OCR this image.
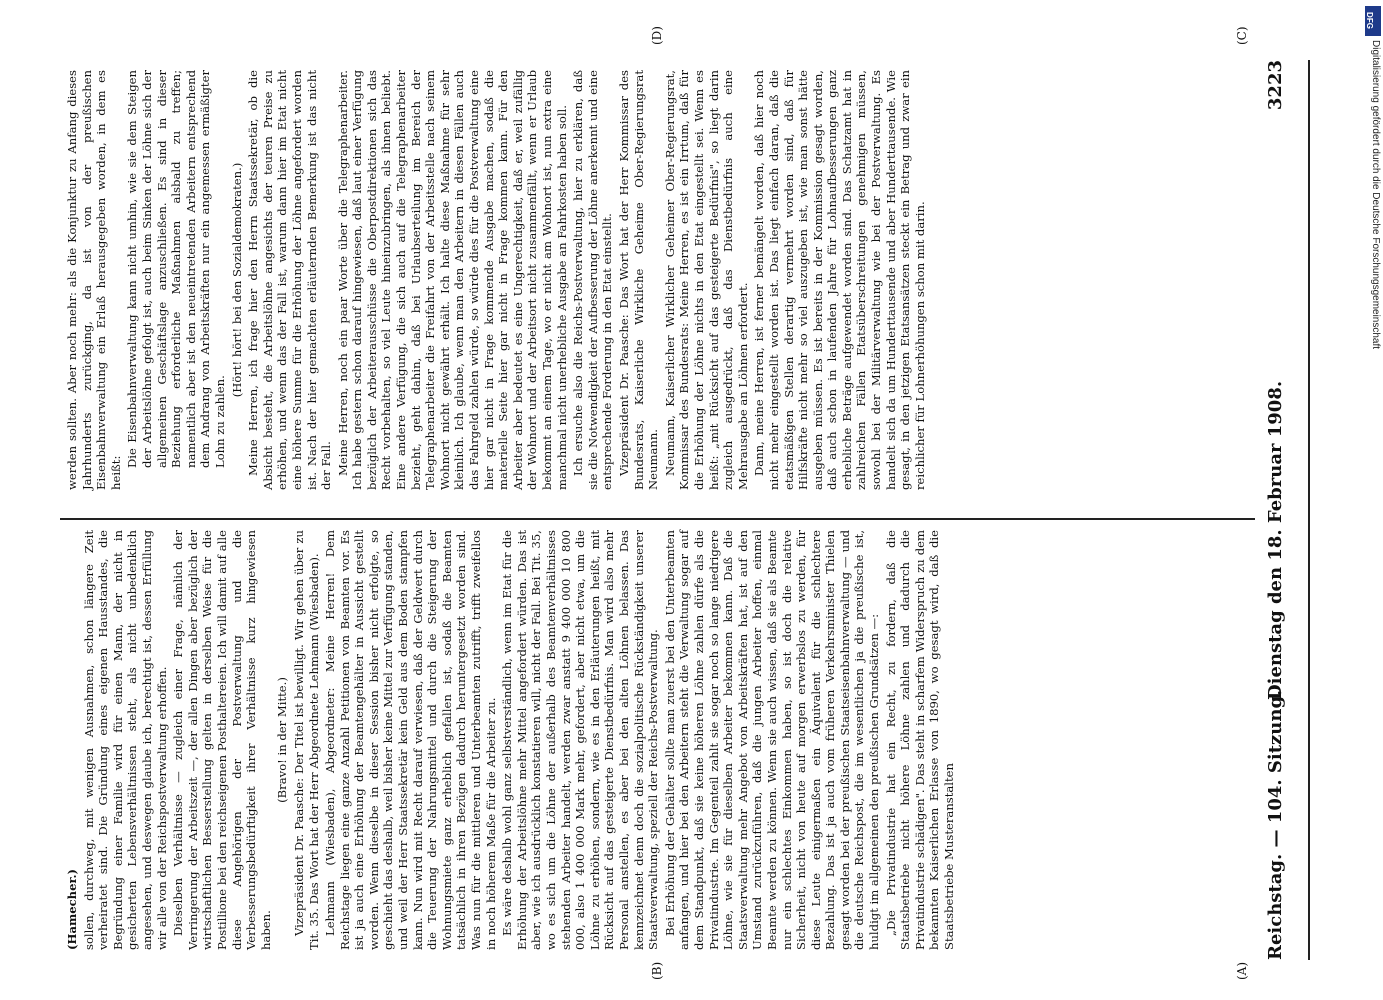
Reichstag. — 104. Sitzung.
Dienstag den 18. Februar 1908.
3223
(A)
(B)
(C)
(D)

(Hamecher.) sollen, durchweg, mit wenigen Ausnahmen, schon längere Zeit verheiratet sind. Die Gründung eines eigenen Hausstandes, die Begründung einer Familie wird für einen Mann, der nicht in gesicherten Lebensverhältnissen steht, als nicht unbedenklich angesehen, und deswegen glaube ich, berechtigt ist, dessen Erfüllung wir alle von der Reichspostverwaltung erhoffen. Dieselben Verhältnisse — zugleich einer Frage, nämlich der Verringerung der Arbeitszeit —, der allen Dingen aber bezüglich der wirtschaftlichen Besserstellung gelten in derselben Weise für die Postillione bei den reichseigenen Posthaltereien. Ich will damit auf alle diese Angehörigen der Postverwaltung und die Verbesserungsbedürftigkeit ihrer Verhältnisse kurz hingewiesen haben.

(Bravo! in der Mitte.) Vizepräsident Dr. Paasche: Der Titel ist bewilligt. Wir gehen über zu Tit. 35. Das Wort hat der Herr Abgeordnete Lehmann (Wiesbaden). Lehmann (Wiesbaden), Abgeordneter: Meine Herren! Dem Reichstage liegen eine ganze Anzahl Petitionen von Beamten vor. Es ist ja auch eine Erhöhung der Beamtengehälter in Aussicht gestellt worden. Wenn dieselbe in dieser Session bisher nicht erfolgte, so geschieht das deshalb, weil bisher keine Mittel zur Verfügung standen, und weil der Herr Staatssekretär kein Geld aus dem Boden stampfen kann. Nun wird mit Recht darauf verwiesen, daß der Geldwert durch die Teuerung der Nahrungsmittel und durch die Steigerung der Wohnungsmiete ganz erheblich gefallen ist, sodaß die Beamten tatsächlich in ihren Bezügen dadurch heruntergesetzt worden sind. Was nun für die mittleren und Unterbeamten zutrifft, trifft zweifellos in noch höherem Maße für die Arbeiter zu. Es wäre deshalb wohl ganz selbstverständlich, wenn im Etat für die Erhöhung der Arbeitslöhne mehr Mittel angefordert würden. Das ist aber, wie ich ausdrücklich konstatieren will, nicht der Fall. Bei Tit. 35, wo es sich um die Löhne der außerhalb des Beamtenverhältnisses stehenden Arbeiter handelt, werden zwar anstatt 9 400 000 10 800 000, also 1 400 000 Mark mehr, gefordert, aber nicht etwa, um die Löhne zu erhöhen, sondern, wie es in den Erläuterungen heißt, mit Rücksicht auf das gesteigerte Dienstbedürfnis. Man wird also mehr Personal anstellen, es aber bei den alten Löhnen belassen. Das kennzeichnet denn doch die sozialpolitische Rückständigkeit unserer Staatsverwaltung, speziell der Reichs-Postverwaltung. Bei Erhöhung der Gehälter sollte man zuerst bei den Unterbeamten anfangen, und hier bei den Arbeitern steht die Verwaltung sogar auf dem Standpunkt, daß sie keine höheren Löhne zahlen dürfe als die Privatindustrie. Im Gegenteil zahlt sie sogar noch so lange niedrigere Löhne, wie sie für dieselben Arbeiter bekommen kann. Daß die Staatsverwaltung mehr Angebot von Arbeitskräften hat, ist auf den Umstand zurückzuführen, daß die jungen Arbeiter hoffen, einmal Beamte werden zu können. Wenn sie auch wissen, daß sie als Beamte nur ein schlechtes Einkommen haben, so ist doch die relative Sicherheit, nicht von heute auf morgen erwerbslos zu werden, für diese Leute einigermaßen ein Äquivalent für die schlechtere Bezahlung. Das ist ja auch vom früheren Verkehrsminister Thielen gesagt worden bei der preußischen Staatseisenbahnverwaltung — und die deutsche Reichspost, die im wesentlichen ja die preußische ist, huldigt im allgemeinen den preußischen Grundsätzen —: „Die Privatindustrie hat ein Recht, zu fordern, daß die Staatsbetriebe nicht höhere Löhne zahlen und dadurch die Privatindustrie schädigen". Das steht in scharfem Widerspruch zu dem bekannten Kaiserlichen Erlasse von 1890, wo gesagt wird, daß die Staatsbetriebe Musteranstalten

werden sollten. Aber noch mehr: als die Konjunktur zu Anfang dieses Jahrhunderts zurückging, da ist von der preußischen Eisenbahnverwaltung ein Erlaß herausgegeben worden, in dem es heißt:

Die Eisenbahnverwaltung kann nicht umhin, wie sie dem Steigen der Arbeitslöhne gefolgt ist, auch beim Sinken der Löhne sich der allgemeinen Geschäftslage anzuschließen. Es sind in dieser Beziehung erforderliche Maßnahmen alsbald zu treffen; namentlich aber ist den neueintretenden Arbeitern entsprechend dem Andrang von Arbeitskräften nur ein angemessen ermäßigter Lohn zu zahlen.

(Hört! hört! bei den Sozialdemokraten.) Meine Herren, ich frage hier den Herrn Staatssekretär, ob die Absicht besteht, die Arbeitslöhne angesichts der teuren Preise zu erhöhen, und wenn das der Fall ist, warum dann hier im Etat nicht eine höhere Summe für die Erhöhung der Löhne angefordert worden ist. Nach der hier gemachten erläuternden Bemerkung ist das nicht der Fall. Meine Herren, noch ein paar Worte über die Telegraphenarbeiter. Ich habe gestern schon darauf hingewiesen, daß laut einer Verfügung bezüglich der Arbeiterausschüsse die Oberpostdirektionen sich das Recht vorbehalten, so viel Leute hineinzubringen, als ihnen beliebt. Eine andere Verfügung, die sich auch auf die Telegraphenarbeiter bezieht, geht dahin, daß bei Urlaubserteilung im Bereich der Telegraphenarbeiter die Freifahrt von der Arbeitsstelle nach seinem Wohnort nicht gewährt erhält. Ich halte diese Maßnahme für sehr kleinlich. Ich glaube, wenn man den Arbeitern in diesen Fällen auch das Fahrgeld zahlen würde, so würde dies für die Postverwaltung eine hier gar nicht in Frage kommende Ausgabe machen, sodaß die materielle Seite hier gar nicht in Frage kommen kann. Für den Arbeiter aber bedeutet es eine Ungerechtigkeit, daß er, weil zufällig der Wohnort und der Arbeitsort nicht zusammenfällt, wenn er Urlaub bekommt an einem Tage, wo er nicht am Wohnort ist, nun extra eine manchmal nicht unerhebliche Ausgabe an Fahrkosten haben soll. Ich ersuche also die Reichs-Postverwaltung, hier zu erklären, daß sie die Notwendigkeit der Aufbesserung der Löhne anerkennt und eine entsprechende Forderung in den Etat einstellt. Vizepräsident Dr. Paasche: Das Wort hat der Herr Kommissar des Bundesrats, Kaiserliche Wirkliche Geheime Ober-Regierungsrat Neumann. Neumann, Kaiserlicher Wirklicher Geheimer Ober-Regierungsrat, Kommissar des Bundesrats: Meine Herren, es ist ein Irrtum, daß für die Erhöhung der Löhne nichts in den Etat eingestellt sei. Wenn es heißt: „mit Rücksicht auf das gesteigerte Bedürfnis", so liegt darin zugleich ausgedrückt, daß das Dienstbedürfnis auch eine Mehrausgabe an Löhnen erfordert. Dann, meine Herren, ist ferner bemängelt worden, daß hier noch nicht mehr eingestellt worden ist. Das liegt einfach daran, daß die etatsmäßigen Stellen derartig vermehrt worden sind, daß für Hilfskräfte nicht mehr so viel auszugeben ist, wie man sonst hätte ausgeben müssen. Es ist bereits in der Kommission gesagt worden, daß auch schon in laufenden Jahre für Lohnaufbesserungen ganz erhebliche Beträge aufgewendet worden sind. Das Schatzamt hat in zahlreichen Fällen Etatsüberschreitungen genehmigen müssen, sowohl bei der Militärverwaltung wie bei der Postverwaltung. Es handelt sich da um Hunderttausende und aber Hunderttausende. Wie gesagt, in den jetzigen Etatsansätzen steckt ein Betrag und zwar ein reichlicher für Lohnerhöhungen schon mit darin.

DFG
Digitalisierung gefördert durch die Deutsche Forschungsgemeinschaft
